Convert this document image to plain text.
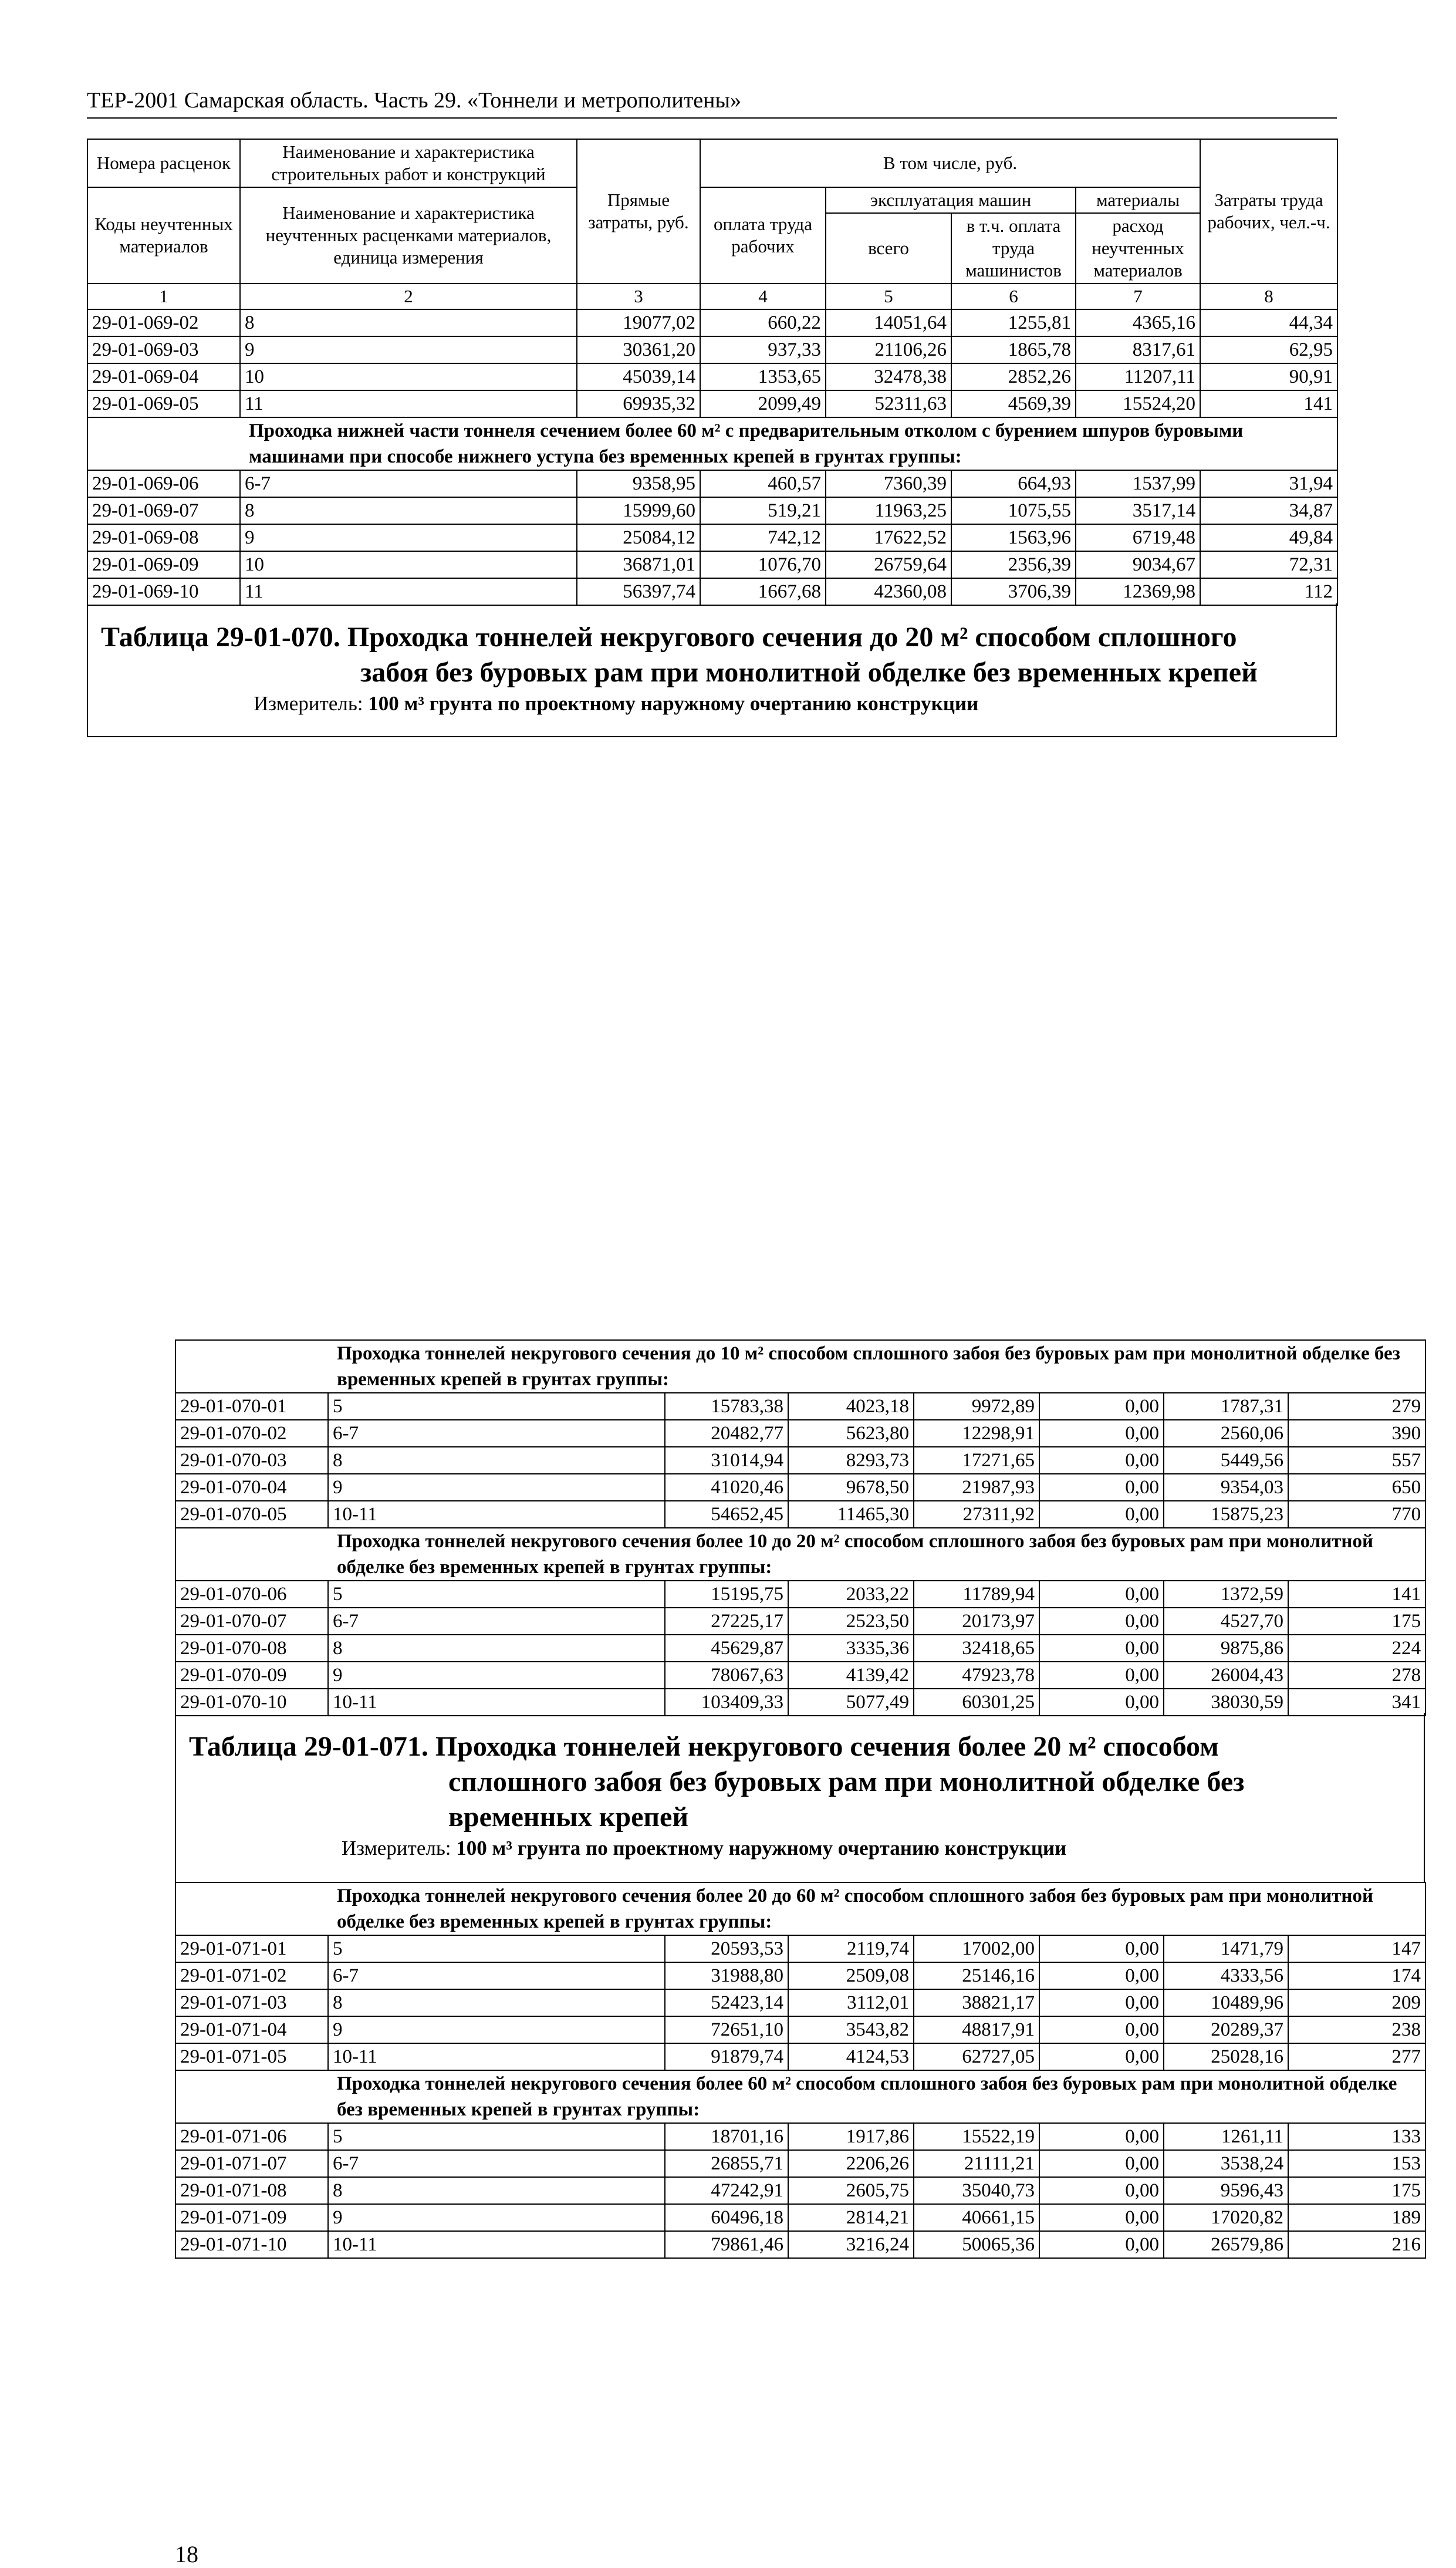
ТЕР-2001 Самарская область. Часть 29. «Тоннели и метрополитены»
Номера расценок	Наименование и характеристика строительных работ и конструкций	Прямые затраты, руб.	В том числе, руб.				Затраты труда рабочих, чел.-ч.
Коды неучтенных материалов	Наименование и характеристика неучтенных расценками материалов, единица измерения		оплата труда рабочих	эксплуатация машин		материалы	
				всего	в т.ч. оплата труда машинистов	расход неучтенных материалов	
1	2	3	4	5	6	7	8
29-01-069-02	8	19077,02	660,22	14051,64	1255,81	4365,16	44,34
29-01-069-03	9	30361,20	937,33	21106,26	1865,78	8317,61	62,95
29-01-069-04	10	45039,14	1353,65	32478,38	2852,26	11207,11	90,91
29-01-069-05	11	69935,32	2099,49	52311,63	4569,39	15524,20	141
Проходка нижней части тоннеля сечением более 60 м² с предварительным отколом с бурением шпуров буровыми машинами при способе нижнего уступа без временных крепей в грунтах группы:							
29-01-069-06	6-7	9358,95	460,57	7360,39	664,93	1537,99	31,94
29-01-069-07	8	15999,60	519,21	11963,25	1075,55	3517,14	34,87
29-01-069-08	9	25084,12	742,12	17622,52	1563,96	6719,48	49,84
29-01-069-09	10	36871,01	1076,70	26759,64	2356,39	9034,67	72,31
29-01-069-10	11	56397,74	1667,68	42360,08	3706,39	12369,98	112
Таблица 29-01-070. Проходка тоннелей некругового сечения до 20 м² способом сплошного
забоя без буровых рам при монолитной обделке без временных крепей
Измеритель: 100 м³ грунта по проектному наружному очертанию конструкции
Проходка тоннелей некругового сечения до 10 м² способом сплошного забоя без буровых рам при монолитной обделке без временных крепей в грунтах группы:							
29-01-070-01	5	15783,38	4023,18	9972,89	0,00	1787,31	279
29-01-070-02	6-7	20482,77	5623,80	12298,91	0,00	2560,06	390
29-01-070-03	8	31014,94	8293,73	17271,65	0,00	5449,56	557
29-01-070-04	9	41020,46	9678,50	21987,93	0,00	9354,03	650
29-01-070-05	10-11	54652,45	11465,30	27311,92	0,00	15875,23	770
Проходка тоннелей некругового сечения более 10 до 20 м² способом сплошного забоя без буровых рам при монолитной обделке без временных крепей в грунтах группы:							
29-01-070-06	5	15195,75	2033,22	11789,94	0,00	1372,59	141
29-01-070-07	6-7	27225,17	2523,50	20173,97	0,00	4527,70	175
29-01-070-08	8	45629,87	3335,36	32418,65	0,00	9875,86	224
29-01-070-09	9	78067,63	4139,42	47923,78	0,00	26004,43	278
29-01-070-10	10-11	103409,33	5077,49	60301,25	0,00	38030,59	341
Таблица 29-01-071. Проходка тоннелей некругового сечения более 20 м² способом
сплошного забоя без буровых рам при монолитной обделке без
временных крепей
Измеритель: 100 м³ грунта по проектному наружному очертанию конструкции
Проходка тоннелей некругового сечения более 20 до 60 м² способом сплошного забоя без буровых рам при монолитной обделке без временных крепей в грунтах группы:							
29-01-071-01	5	20593,53	2119,74	17002,00	0,00	1471,79	147
29-01-071-02	6-7	31988,80	2509,08	25146,16	0,00	4333,56	174
29-01-071-03	8	52423,14	3112,01	38821,17	0,00	10489,96	209
29-01-071-04	9	72651,10	3543,82	48817,91	0,00	20289,37	238
29-01-071-05	10-11	91879,74	4124,53	62727,05	0,00	25028,16	277
Проходка тоннелей некругового сечения более 60 м² способом сплошного забоя без буровых рам при монолитной обделке без временных крепей в грунтах группы:							
29-01-071-06	5	18701,16	1917,86	15522,19	0,00	1261,11	133
29-01-071-07	6-7	26855,71	2206,26	21111,21	0,00	3538,24	153
29-01-071-08	8	47242,91	2605,75	35040,73	0,00	9596,43	175
29-01-071-09	9	60496,18	2814,21	40661,15	0,00	17020,82	189
29-01-071-10	10-11	79861,46	3216,24	50065,36	0,00	26579,86	216
18
